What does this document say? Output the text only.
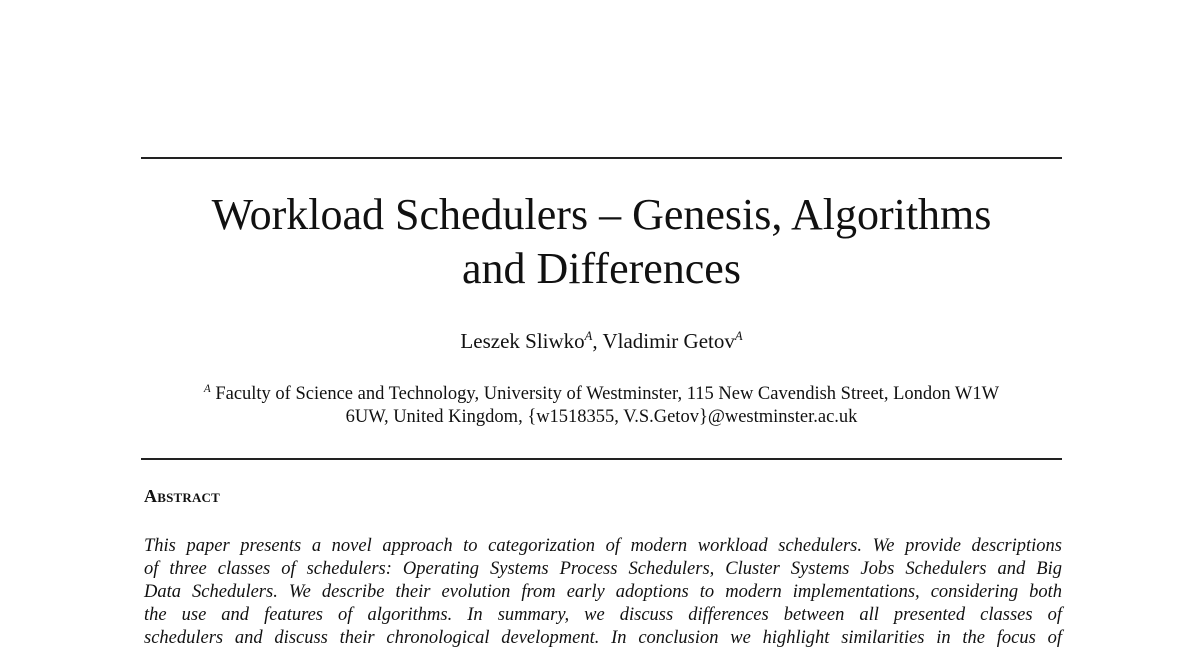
Workload Schedulers – Genesis, Algorithms
and Differences
Leszek Sliwko$^A$, Vladimir Getov$^A$
$^A$ Faculty of Science and Technology, University of Westminster, 115 New Cavendish Street, London W1W
6UW, United Kingdom, {w1518355, V.S.Getov}@westminster.ac.uk
Abstract
This paper presents a novel approach to categorization of modern workload schedulers. We provide descriptions
of three classes of schedulers: Operating Systems Process Schedulers, Cluster Systems Jobs Schedulers and Big
Data Schedulers. We describe their evolution from early adoptions to modern implementations, considering both
the use and features of algorithms. In summary, we discuss differences between all presented classes of
schedulers and discuss their chronological development. In conclusion we highlight similarities in the focus of
